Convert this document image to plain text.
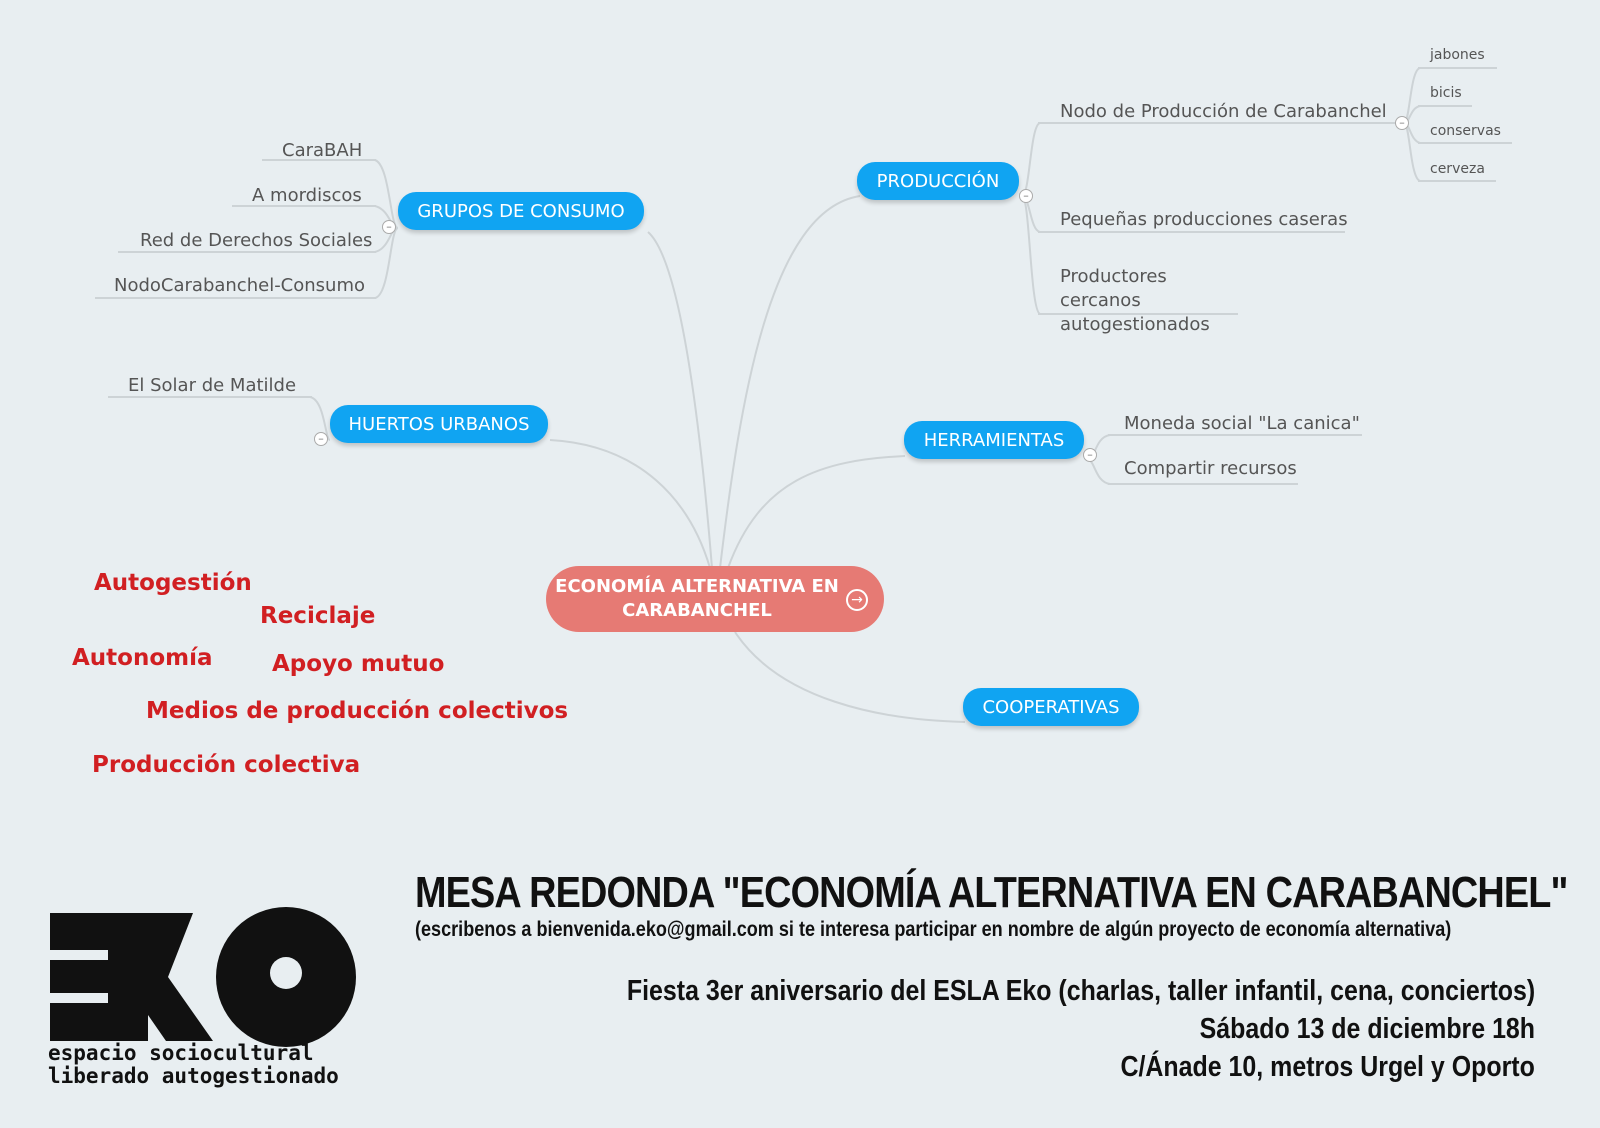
ECONOMÍA ALTERNATIVA EN CARABANCHEL	→
GRUPOS DE CONSUMO
–
HUERTOS URBANOS
–
PRODUCCIÓN
–
HERRAMIENTAS
–
COOPERATIVAS
CaraBAH
A mordiscos
Red de Derechos Sociales
NodoCarabanchel-Consumo
El Solar de Matilde
Nodo de Producción de Carabanchel
–
jabones
bicis
conservas
cerveza
Pequeñas producciones caseras
Productores cercanos autogestionados
Moneda social "La canica"
Compartir recursos
Autogestión
Reciclaje
Autonomía	Apoyo mutuo
Medios de producción colectivos
Producción colectiva
MESA REDONDA "ECONOMÍA ALTERNATIVA EN CARABANCHEL"
(escribenos a bienvenida.eko@gmail.com si te interesa participar en nombre de algún proyecto de economía alternativa)
Fiesta 3er aniversario del ESLA Eko (charlas, taller infantil, cena, conciertos)
Sábado 13 de diciembre 18h
C/Ánade 10, metros Urgel y Oporto
espacio sociocultural
liberado autogestionado
